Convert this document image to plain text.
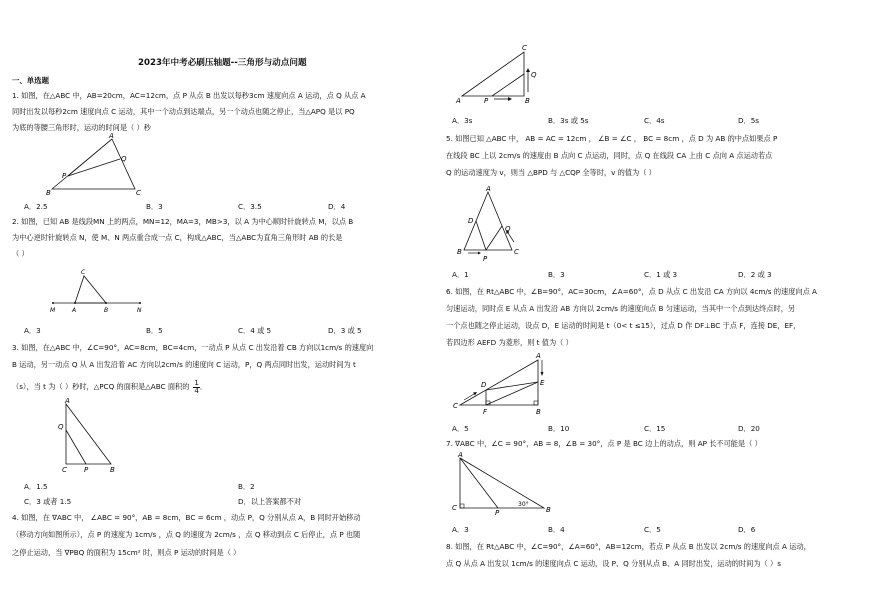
2023年中考必刷压轴题--三角形与动点问题
一、单选题
1. 如图，在△ABC 中，AB=20cm，AC=12cm，点 P 从点 B 出发以每秒3cm 速度向点 A 运动，点 Q 从点 A
同时出发以每秒2cm 速度向点 C 运动，其中一个动点到达端点，另一个动点也随之停止，当△APQ 是以 PQ
为底的等腰三角形时，运动的时间是（ ）秒
A
Q
P
B	C
A．2.5	B．3	C．3.5	D．4
2. 如图，已知 AB 是线段MN 上的两点，MN=12，MA=3，MB>3，以 A 为中心顺时针旋转点 M，以点 B
为中心逆时针旋转点 N，使 M、N 两点重合成一点 C，构成△ABC，当△ABC为直角三角形时 AB 的长是
（ ）
C
M	A	B	N
A．3	B．5	C．4 或 5	D．3 或 5
3. 如图，在△ABC 中，∠C=90°，AC=8cm，BC=4cm，一动点 P 从点 C 出发沿着 CB 方向以1cm/s 的速度向
B 运动，另一动点 Q 从 A 出发沿着 AC 方向以2cm/s 的速度向 C 运动，P，Q 两点同时出发，运动时间为 t
（s），当 t 为（ ）秒时，△PCQ 的面积是△ABC 面积的 $\frac{1}{4}$ ．
A
Q
C P	B
A．1.5	B．2
C．3 或者 1.5	D．以上答案都不对
4. 如图，在 ∇ABC 中， ∠ABC = 90°，AB = 8cm，BC = 6cm ，动点 P，Q 分别从点 A，B 同时开始移动
（移动方向如图所示），点 P 的速度为 1cm/s ，点 Q 的速度为 2cm/s ，点 Q 移动到点 C 后停止，点 P 也随
之停止运动，当 ∇PBQ 的面积为 15cm² 时，则点 P 运动的时间是（ ）
C
Q
A	P	B
A．3s	B．3s 或 5s	C．4s	D．5s
5. 如图已知 △ABC 中， AB = AC = 12cm ， ∠B = ∠C ， BC = 8cm ，点 D 为 AB 的中点如果点 P
在线段 BC 上以 2cm/s 的速度由 B 点向 C 点运动，同时，点 Q 在线段 CA 上由 C 点向 A 点运动若点
Q 的运动速度为 v，则当 △BPD 与 △CQP 全等时，v 的值为（ ）
A
D
Q
B
P
C
A．1	B．3	C．1 或 3	D．2 或 3
6. 如图，在 Rt△ABC 中，∠B=90°，AC=30cm，∠A=60°，点 D 从点 C 出发沿 CA 方向以 4cm/s 的速度向点 A
匀速运动，同时点 E 从点 A 出发沿 AB 方向以 2cm/s 的速度向点 B 匀速运动，当其中一个点到达终点时，另
一个点也随之停止运动，设点 D，E 运动的时间是 t（0< t ≤15），过点 D 作 DF⊥BC 于点 F，连接 DE，EF，
若四边形 AEFD 为菱形，则 t 值为（ ）
A
D	E
C
F	B
A．5	B．10	C．15	D．20
7. ∇ABC 中，∠C = 90°，AB = 8，∠B = 30°，点 P 是 BC 边上的动点，则 AP 长不可能是（ ）
A
C
P
30°
B
A．3	B．4	C．5	D．6
8. 如图，在 Rt△ABC 中，∠C=90°，∠A=60°，AB=12cm，若点 P 从点 B 出发以 2cm/s 的速度向点 A 运动，
点 Q 从点 A 出发以 1cm/s 的速度向点 C 运动，设 P、Q 分别从点 B、A 同时出发，运动的时间为（ ）s
